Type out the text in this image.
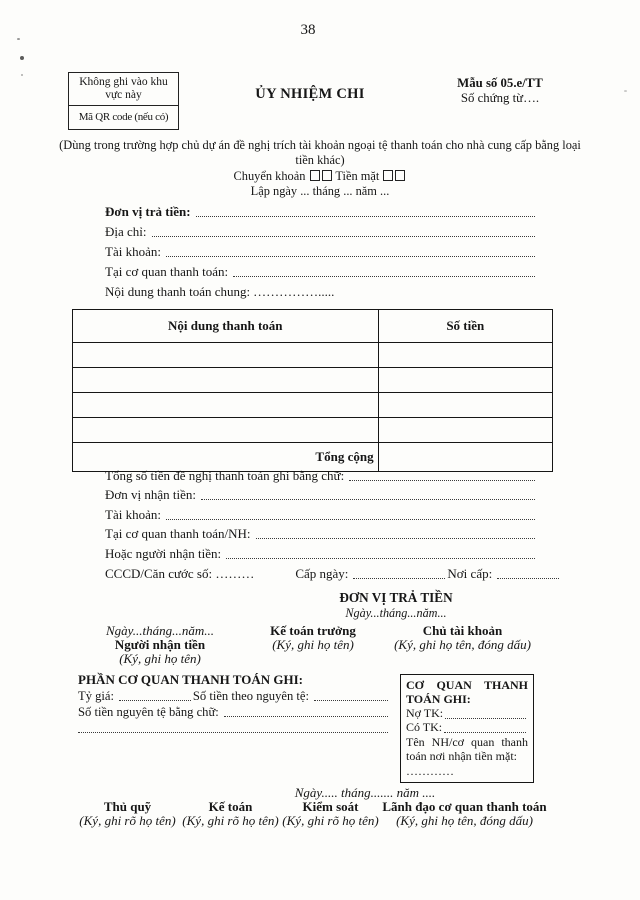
38
Không ghi vào khu vực này
Mã QR code (nếu có)
ỦY NHIỆM CHI
Mẫu số 05.e/TT
Số chứng từ….
(Dùng trong trường hợp chủ dự án đề nghị trích tài khoản ngoại tệ thanh toán cho nhà cung cấp bằng loại tiền khác)
Chuyển khoản Tiền mặt
Lập ngày ... tháng ... năm ...
Đơn vị trả tiền:
Địa chỉ:
Tài khoản:
Tại cơ quan thanh toán:
Nội dung thanh toán chung: …………….....
Nội dung thanh toán	Số tiền

Tổng cộng	
Tổng số tiền đề nghị thanh toán ghi bằng chữ:
Đơn vị nhận tiền:
Tài khoản:
Tại cơ quan thanh toán/NH:
Hoặc người nhận tiền:
CCCD/Căn cước số: ………	Cấp ngày:	Nơi cấp:
ĐƠN VỊ TRẢ TIỀN
Ngày...tháng...năm...
Ngày...tháng...năm...
Người nhận tiền
(Ký, ghi họ tên)
Kế toán trưởng
(Ký, ghi họ tên)
Chủ tài khoản
(Ký, ghi họ tên, đóng dấu)
PHẦN CƠ QUAN THANH TOÁN GHI:
Tỷ giá:	Số tiền theo nguyên tệ:
Số tiền nguyên tệ bằng chữ:
CƠ QUAN THANH TOÁN GHI:
Nợ TK:
Có TK:
Tên NH/cơ quan thanh toán nơi nhận tiền mặt:
…………
Ngày..... tháng....... năm ....
Thủ quỹ
(Ký, ghi rõ họ tên)
Kế toán
(Ký, ghi rõ họ tên)
Kiểm soát
(Ký, ghi rõ họ tên)
Lãnh đạo cơ quan thanh toán
(Ký, ghi họ tên, đóng dấu)
